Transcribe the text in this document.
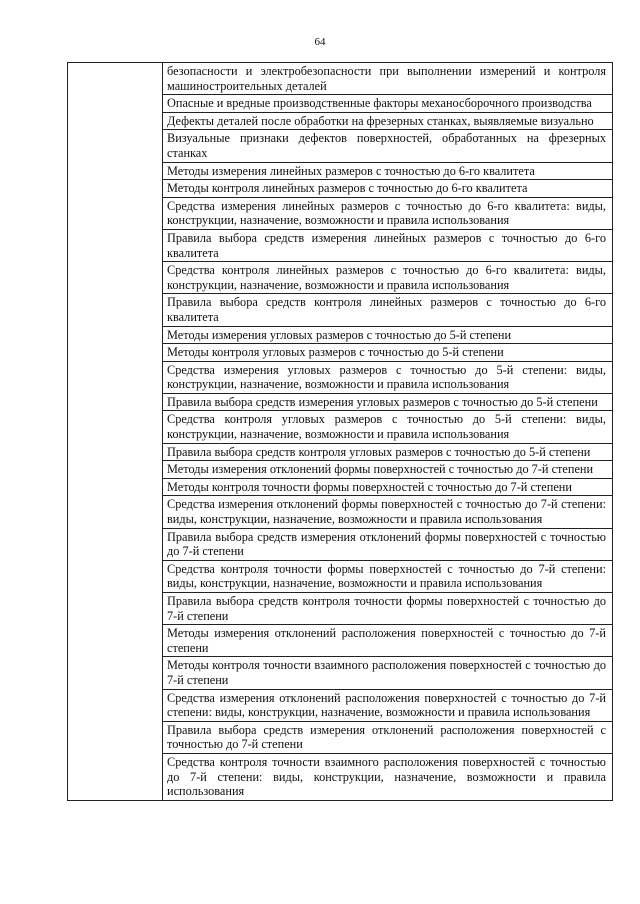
64

безопасности и электробезопасности при выполнении измерений и контроля машиностроительных деталей

Опасные и вредные производственные факторы механосборочного производства

Дефекты деталей после обработки на фрезерных станках, выявляемые визуально

Визуальные признаки дефектов поверхностей, обработанных на фрезерных станках

Методы измерения линейных размеров с точностью до 6-го квалитета

Методы контроля линейных размеров с точностью до 6-го квалитета

Средства измерения линейных размеров с точностью до 6-го квалитета: виды, конструкции, назначение, возможности и правила использования

Правила выбора средств измерения линейных размеров с точностью до 6-го квалитета

Средства контроля линейных размеров с точностью до 6-го квалитета: виды, конструкции, назначение, возможности и правила использования

Правила выбора средств контроля линейных размеров с точностью до 6-го квалитета

Методы измерения угловых размеров с точностью до 5-й степени

Методы контроля угловых размеров с точностью до 5-й степени

Средства измерения угловых размеров с точностью до 5-й степени: виды, конструкции, назначение, возможности и правила использования

Правила выбора средств измерения угловых размеров с точностью до 5-й степени

Средства контроля угловых размеров с точностью до 5-й степени: виды, конструкции, назначение, возможности и правила использования

Правила выбора средств контроля угловых размеров с точностью до 5-й степени

Методы измерения отклонений формы поверхностей с точностью до 7-й степени

Методы контроля точности формы поверхностей с точностью до 7-й степени

Средства измерения отклонений формы поверхностей с точностью до 7-й степени: виды, конструкции, назначение, возможности и правила использования

Правила выбора средств измерения отклонений формы поверхностей с точностью до 7-й степени

Средства контроля точности формы поверхностей с точностью до 7-й степени: виды, конструкции, назначение, возможности и правила использования

Правила выбора средств контроля точности формы поверхностей с точностью до 7-й степени

Методы измерения отклонений расположения поверхностей с точностью до 7-й степени

Методы контроля точности взаимного расположения поверхностей с точностью до 7-й степени

Средства измерения отклонений расположения поверхностей с точностью до 7-й степени: виды, конструкции, назначение, возможности и правила использования

Правила выбора средств измерения отклонений расположения поверхностей с точностью до 7-й степени

Средства контроля точности взаимного расположения поверхностей с точностью до 7-й степени: виды, конструкции, назначение, возможности и правила использования
